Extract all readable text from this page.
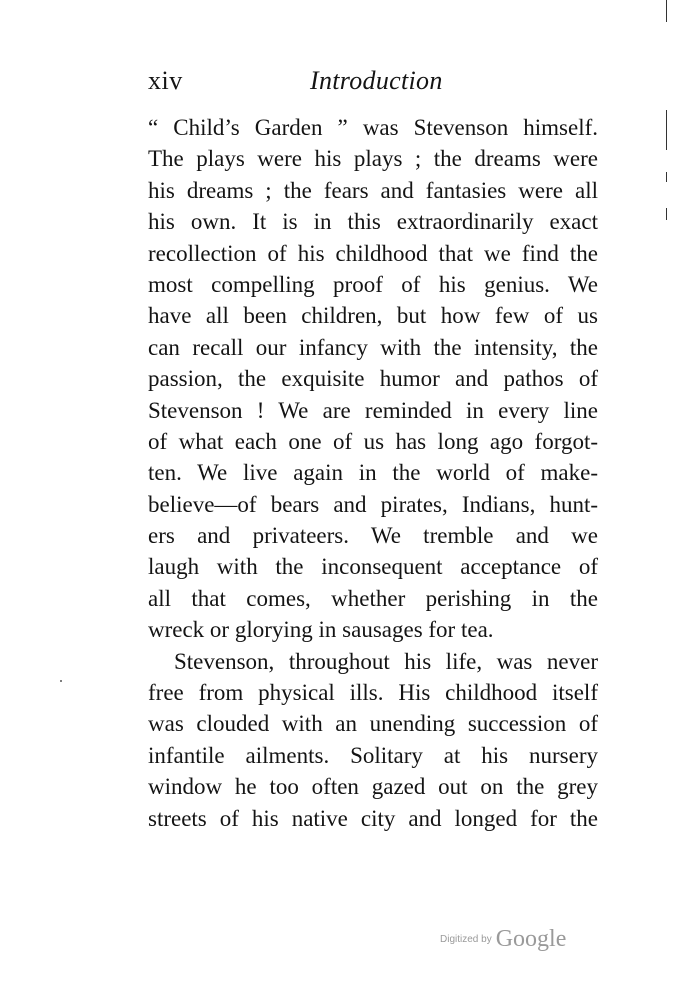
xiv	Introduction
“ Child’s Garden ” was Stevenson himself.
The plays were his plays ; the dreams were
his dreams ; the fears and fantasies were all
his own. It is in this extraordinarily exact
recollection of his childhood that we find the
most compelling proof of his genius. We
have all been children, but how few of us
can recall our infancy with the intensity, the
passion, the exquisite humor and pathos of
Stevenson ! We are reminded in every line
of what each one of us has long ago forgot-
ten. We live again in the world of make-
believe—of bears and pirates, Indians, hunt-
ers and privateers. We tremble and we
laugh with the inconsequent acceptance of
all that comes, whether perishing in the
wreck or glorying in sausages for tea.
Stevenson, throughout his life, was never
free from physical ills. His childhood itself
was clouded with an unending succession of
infantile ailments. Solitary at his nursery
window he too often gazed out on the grey
streets of his native city and longed for the
Digitized by Google
